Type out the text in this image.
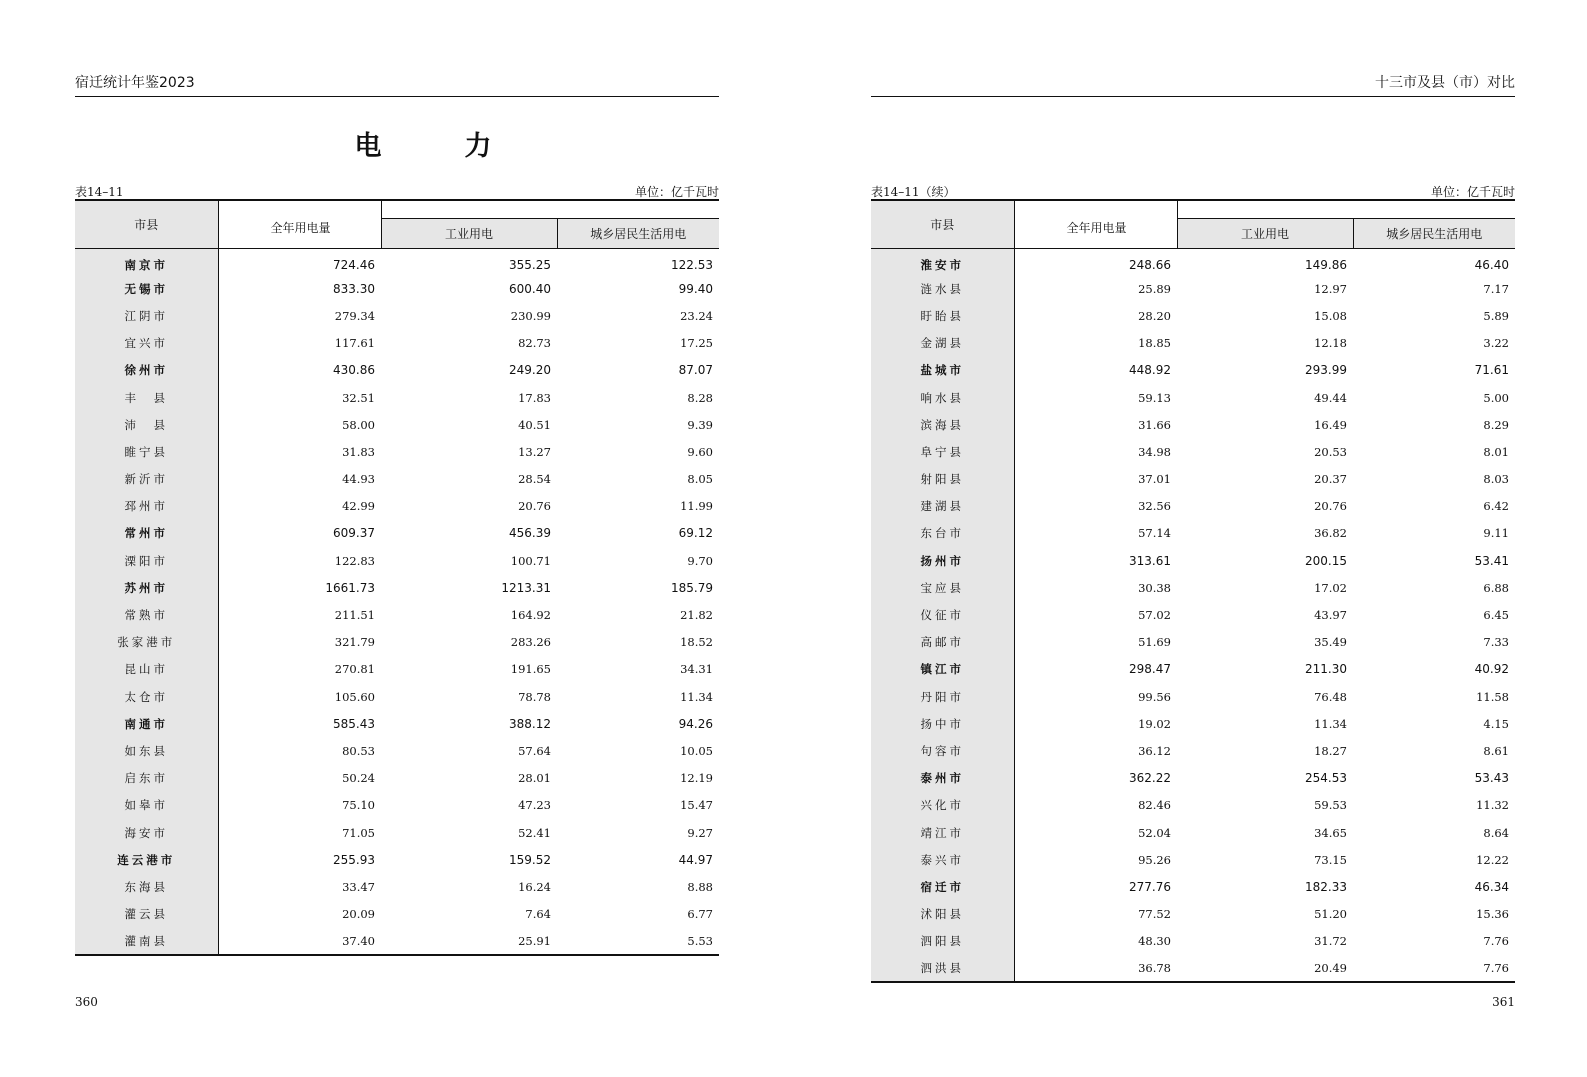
宿迁统计年鉴2023
电　力
表14–11	单位：亿千瓦时
市县	全年用电量		
		工业用电	城乡居民生活用电
南京市	724.46	355.25	122.53
无锡市	833.30	600.40	99.40
江阴市	279.34	230.99	23.24
宜兴市	117.61	82.73	17.25
徐州市	430.86	249.20	87.07
丰　县	32.51	17.83	8.28
沛　县	58.00	40.51	9.39
睢宁县	31.83	13.27	9.60
新沂市	44.93	28.54	8.05
邳州市	42.99	20.76	11.99
常州市	609.37	456.39	69.12
溧阳市	122.83	100.71	9.70
苏州市	1661.73	1213.31	185.79
常熟市	211.51	164.92	21.82
张家港市	321.79	283.26	18.52
昆山市	270.81	191.65	34.31
太仓市	105.60	78.78	11.34
南通市	585.43	388.12	94.26
如东县	80.53	57.64	10.05
启东市	50.24	28.01	12.19
如皋市	75.10	47.23	15.47
海安市	71.05	52.41	9.27
连云港市	255.93	159.52	44.97
东海县	33.47	16.24	8.88
灌云县	20.09	7.64	6.77
灌南县	37.40	25.91	5.53
360
十三市及县（市）对比
表14–11（续）	单位：亿千瓦时
市县	全年用电量		
		工业用电	城乡居民生活用电
淮安市	248.66	149.86	46.40
涟水县	25.89	12.97	7.17
盱眙县	28.20	15.08	5.89
金湖县	18.85	12.18	3.22
盐城市	448.92	293.99	71.61
响水县	59.13	49.44	5.00
滨海县	31.66	16.49	8.29
阜宁县	34.98	20.53	8.01
射阳县	37.01	20.37	8.03
建湖县	32.56	20.76	6.42
东台市	57.14	36.82	9.11
扬州市	313.61	200.15	53.41
宝应县	30.38	17.02	6.88
仪征市	57.02	43.97	6.45
高邮市	51.69	35.49	7.33
镇江市	298.47	211.30	40.92
丹阳市	99.56	76.48	11.58
扬中市	19.02	11.34	4.15
句容市	36.12	18.27	8.61
泰州市	362.22	254.53	53.43
兴化市	82.46	59.53	11.32
靖江市	52.04	34.65	8.64
泰兴市	95.26	73.15	12.22
宿迁市	277.76	182.33	46.34
沭阳县	77.52	51.20	15.36
泗阳县	48.30	31.72	7.76
泗洪县	36.78	20.49	7.76
361
